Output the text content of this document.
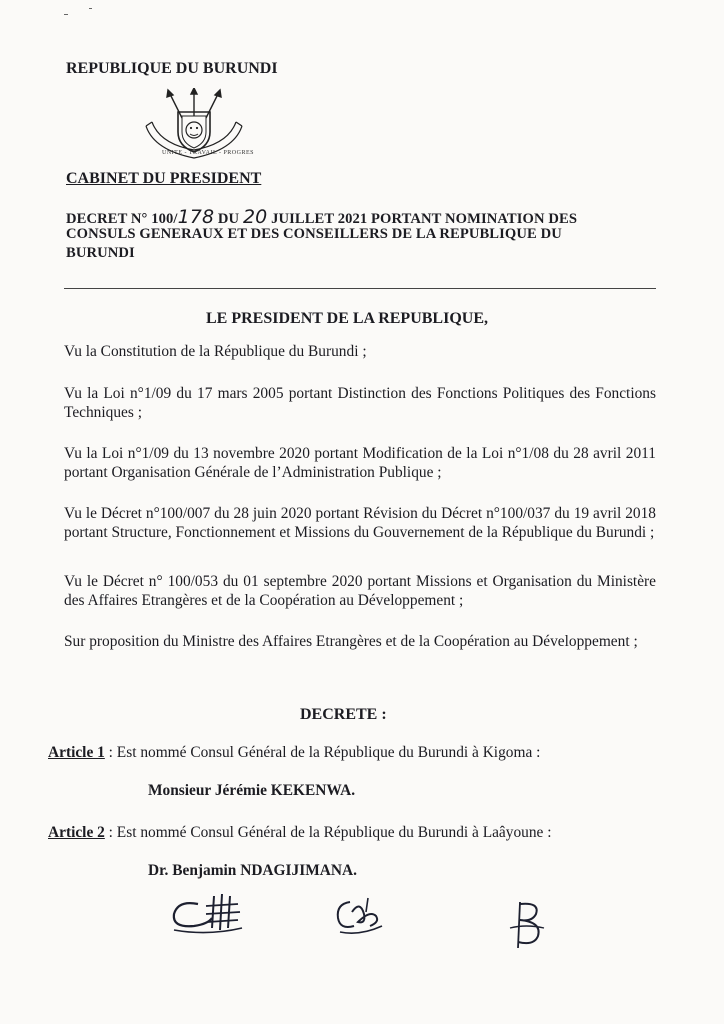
REPUBLIQUE DU BURUNDI
UNITE - TRAVAIL - PROGRES
CABINET DU PRESIDENT
DECRET N° 100/178 DU 20 JUILLET 2021 PORTANT NOMINATION DES
CONSULS GENERAUX ET DES CONSEILLERS DE LA REPUBLIQUE DU
BURUNDI
LE PRESIDENT DE LA REPUBLIQUE,
Vu la Constitution de la République du Burundi ;
Vu la Loi n°1/09 du 17 mars 2005 portant Distinction des Fonctions Politiques des Fonctions Techniques ;
Vu la Loi n°1/09 du 13 novembre 2020 portant Modification de la Loi n°1/08 du 28 avril 2011 portant Organisation Générale de l’Administration Publique ;
Vu le Décret n°100/007 du 28 juin 2020 portant Révision du Décret n°100/037 du 19 avril 2018 portant Structure, Fonctionnement et Missions du Gouvernement de la République du Burundi ;
Vu le Décret n° 100/053 du 01 septembre 2020 portant Missions et Organisation du Ministère des Affaires Etrangères et de la Coopération au Développement ;
Sur proposition du Ministre des Affaires Etrangères et de la Coopération au Développement ;
DECRETE :
Article 1 : Est nommé Consul Général de la République du Burundi à Kigoma :
Monsieur Jérémie KEKENWA.
Article 2 : Est nommé Consul Général de la République du Burundi à Laâyoune :
Dr. Benjamin NDAGIJIMANA.
